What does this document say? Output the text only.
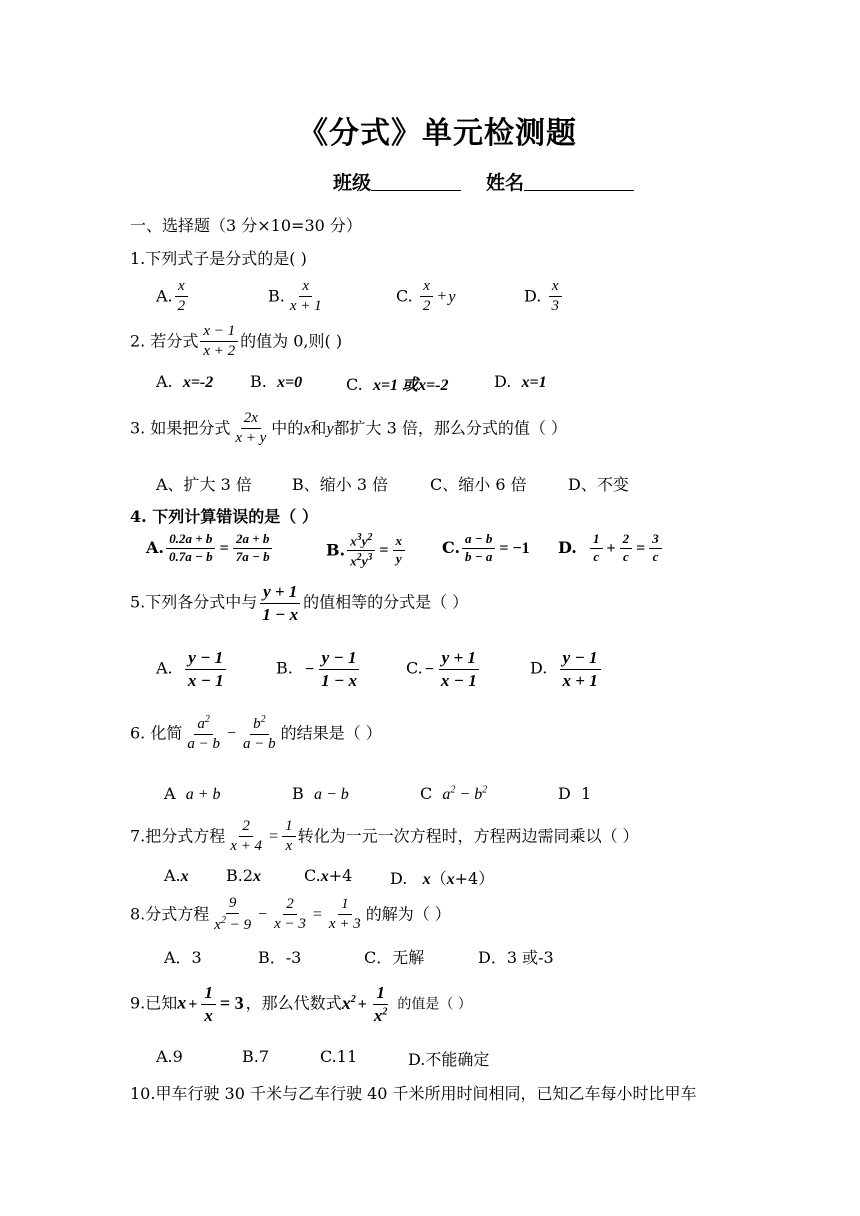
《分式》单元检测题
班级	姓名
一、选择题（3 分×10=30 分）
1.下列式子是分式的是( )
A. $\frac{x}{2}$	B. $\frac{x}{x + 1}$	C. $\frac{x}{2} + y$	D. $\frac{x}{3}$
2. 若分式 $\frac{x - 1}{x + 2}$ 的值为 0,则( )
A. x=-2 B. x=0	C. x=1 或x=-2	D. x=1
3. 如果把分式 $\frac{2x}{x + y}$ 中的x和y都扩大 3 倍，那么分式的值（ ）
A、扩大 3 倍	B、缩小 3 倍	C、缩小 6 倍	D、不变
4. 下列计算错误的是（ ）
A. $\frac{0.2a + b}{0.7a - b} = \frac{2a + b}{7a - b}$	B. $\frac{x^3y^2}{x^2y^3} = \frac{x}{y} C$. $\frac{a - b}{b - a} = -1$ D. $\frac{1}{c} + \frac{2}{c} = \frac{3}{c}$
5.下列各分式中与 $\frac{y + 1}{1 - x}$ 的值相等的分式是（ ）
A. $\frac{y - 1}{x - 1}$	B. − $\frac{y - 1}{1 - x}$	C. − $\frac{y + 1}{x - 1}$	D. $\frac{y - 1}{x + 1}$
6. 化简 $\frac{a^2}{a - b} - \frac{b^2}{a - b}$ 的结果是（ ）
A a + b	B a − b	C $a^2 - b^2$	D 1
7.把分式方程 $\frac{2}{x + 4} = \frac{1}{x}$ 转化为一元一次方程时，方程两边需同乘以（ ）
A.x B.2x	C.x+4 D. x（x+4）
8.分式方程 $\frac{9}{x^2 - 9} - \frac{2}{x - 3} = \frac{1}{x + 3}$ 的解为（ ）
A．3	B．-3	C．无解	D．3 或-3
9.已知$x + \frac{1}{x} = 3$ ，那么代数式$x^2 + \frac{1}{x^2}$ 的值是（ ）
A.9	B.7	C.11	D.不能确定
10.甲车行驶 30 千米与乙车行驶 40 千米所用时间相同，已知乙车每小时比甲车
